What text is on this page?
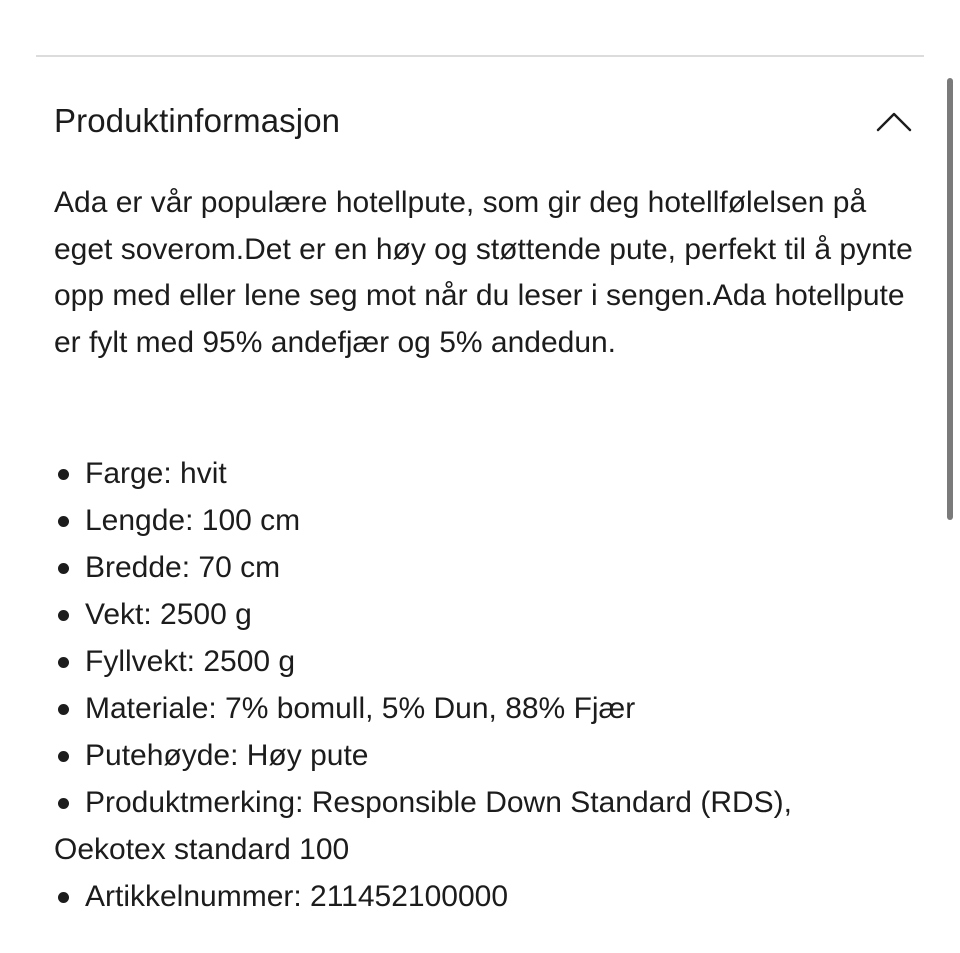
Produktinformasjon

Ada er vår populære hotellpute, som gir deg hotellfølelsen på eget soverom.Det er en høy og støttende pute, perfekt til å pynte opp med eller lene seg mot når du leser i sengen.Ada hotellpute er fylt med 95% andefjær og 5% andedun.

Farge: hvit
Lengde: 100 cm
Bredde: 70 cm
Vekt: 2500 g
Fyllvekt: 2500 g
Materiale: 7% bomull, 5% Dun, 88% Fjær
Putehøyde: Høy pute
Produktmerking: Responsible Down Standard (RDS),
Oekotex standard 100
Artikkelnummer: 211452100000
